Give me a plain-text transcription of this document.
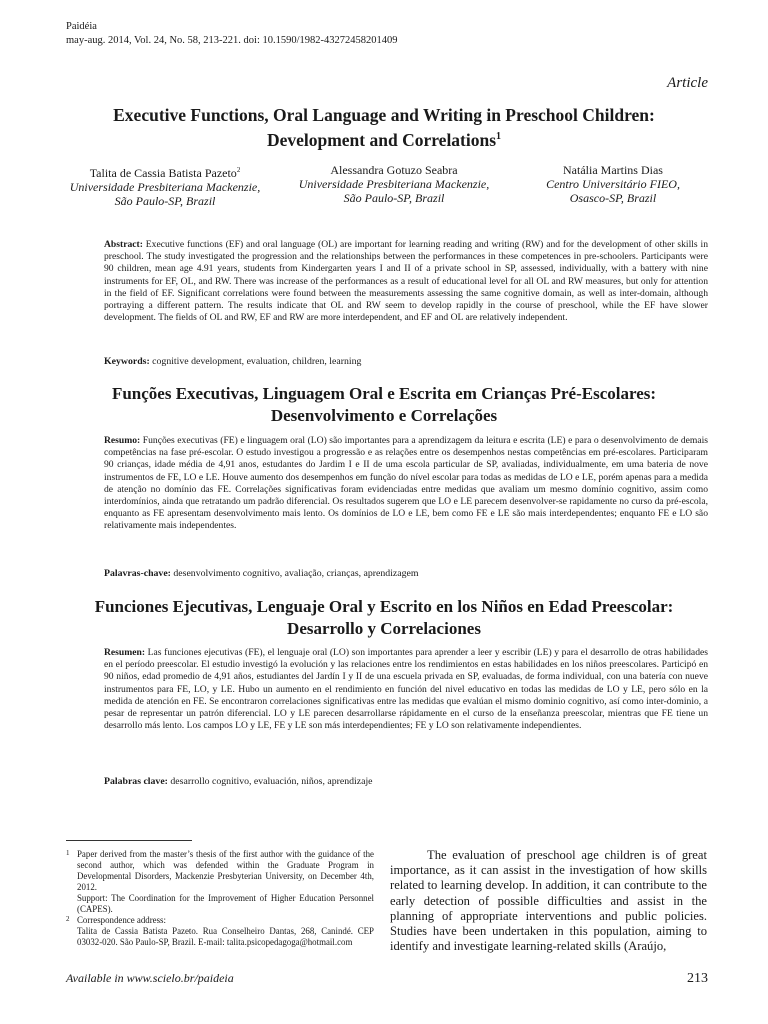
Paidéia
may-aug. 2014, Vol. 24, No. 58, 213-221. doi: 10.1590/1982-43272458201409
Article
Executive Functions, Oral Language and Writing in Preschool Children:
Development and Correlations$^1$
Talita de Cassia Batista Pazeto$^2$
Universidade Presbiteriana Mackenzie,
São Paulo-SP, Brazil
Alessandra Gotuzo Seabra
Universidade Presbiteriana Mackenzie,
São Paulo-SP, Brazil
Natália Martins Dias
Centro Universitário FIEO,
Osasco-SP, Brazil
Abstract: Executive functions (EF) and oral language (OL) are important for learning reading and writing (RW) and for the development of other skills in preschool. The study investigated the progression and the relationships between the performances in these competences in pre-schoolers. Participants were 90 children, mean age 4.91 years, students from Kindergarten years I and II of a private school in SP, assessed, individually, with a battery with nine instruments for EF, OL, and RW. There was increase of the performances as a result of educational level for all OL and RW measures, but only for attention in the field of EF. Significant correlations were found between the measurements assessing the same cognitive domain, as well as inter-domain, although portraying a different pattern. The results indicate that OL and RW seem to develop rapidly in the course of preschool, while the EF have slower development. The fields of OL and RW, EF and RW are more interdependent, and EF and OL are relatively independent.
Keywords: cognitive development, evaluation, children, learning
Funções Executivas, Linguagem Oral e Escrita em Crianças Pré-Escolares:
Desenvolvimento e Correlações
Resumo: Funções executivas (FE) e linguagem oral (LO) são importantes para a aprendizagem da leitura e escrita (LE) e para o desenvolvimento de demais competências na fase pré-escolar. O estudo investigou a progressão e as relações entre os desempenhos nestas competências em pré-escolares. Participaram 90 crianças, idade média de 4,91 anos, estudantes do Jardim I e II de uma escola particular de SP, avaliadas, individualmente, em uma bateria de nove instrumentos de FE, LO e LE. Houve aumento dos desempenhos em função do nível escolar para todas as medidas de LO e LE, porém apenas para a medida de atenção no domínio das FE. Correlações significativas foram evidenciadas entre medidas que avaliam um mesmo domínio cognitivo, assim como interdomínios, ainda que retratando um padrão diferencial. Os resultados sugerem que LO e LE parecem desenvolver-se rapidamente no curso da pré-escola, enquanto as FE apresentam desenvolvimento mais lento. Os domínios de LO e LE, bem como FE e LE são mais interdependentes; enquanto FE e LO são relativamente mais independentes.
Palavras-chave: desenvolvimento cognitivo, avaliação, crianças, aprendizagem
Funciones Ejecutivas, Lenguaje Oral y Escrito en los Niños en Edad Preescolar:
Desarrollo y Correlaciones
Resumen: Las funciones ejecutivas (FE), el lenguaje oral (LO) son importantes para aprender a leer y escribir (LE) y para el desarrollo de otras habilidades en el período preescolar. El estudio investigó la evolución y las relaciones entre los rendimientos en estas habilidades en los niños preescolares. Participó en 90 niños, edad promedio de 4,91 años, estudiantes del Jardín I y II de una escuela privada en SP, evaluadas, de forma individual, con una batería con nueve instrumentos para FE, LO, y LE. Hubo un aumento en el rendimiento en función del nivel educativo en todas las medidas de LO y LE, pero sólo en la medida de atención en FE. Se encontraron correlaciones significativas entre las medidas que evalúan el mismo dominio cognitivo, así como inter-dominio, a pesar de representar un patrón diferencial. LO y LE parecen desarrollarse rápidamente en el curso de la enseñanza preescolar, mientras que FE tiene un desarrollo más lento. Los campos LO y LE, FE y LE son más interdependientes; FE y LO son relativamente independientes.
Palabras clave: desarrollo cognitivo, evaluación, niños, aprendizaje
1 Paper derived from the master’s thesis of the first author with the guidance of the second author, which was defended within the Graduate Program in Developmental Disorders, Mackenzie Presbyterian University, on December 4th, 2012.

Support: The Coordination for the Improvement of Higher Education Personnel (CAPES).

2 Correspondence address:

Talita de Cassia Batista Pazeto. Rua Conselheiro Dantas, 268, Canindé. CEP 03032-020. São Paulo-SP, Brazil. E-mail: talita.psicopedagoga@hotmail.com

The evaluation of preschool age children is of great importance, as it can assist in the investigation of how skills related to learning develop. In addition, it can contribute to the early detection of possible difficulties and assist in the planning of appropriate interventions and public policies. Studies have been undertaken in this population, aiming to identify and investigate learning-related skills (Araújo,
Available in www.scielo.br/paideia	213
